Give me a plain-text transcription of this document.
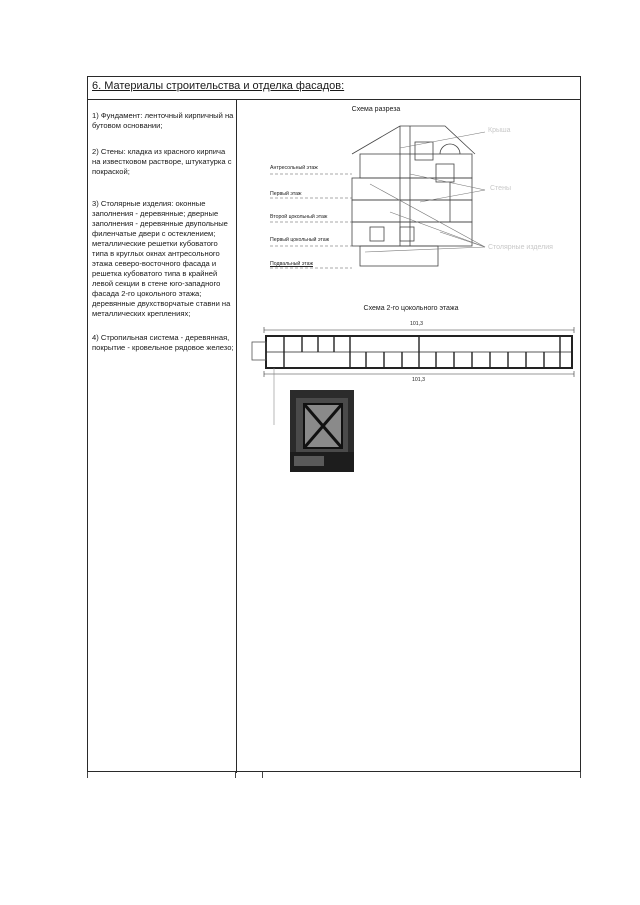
6. Материалы строительства и отделка фасадов:

1) Фундамент: ленточный кирпичный на бутовом основании;

2) Стены: кладка из красного кирпича на известковом растворе, штукатурка с покраской;

3) Столярные изделия: оконные заполнения - деревянные; дверные заполнения - деревянные двупольные филенчатые двери с остеклением; металлические решетки кубоватого типа в круглых окнах антресольного этажа северо-восточного фасада и решетка кубоватого типа в крайней левой секции в стене юго-западного фасада 2-го цокольного этажа; деревянные двухстворчатые ставни на металлических креплениях;

4) Стропильная система - деревянная, покрытие - кровельное рядовое железо;

Схема разреза
Антресольный этаж
Первый этаж
Второй цокольный этаж
Первый цокольный этаж
Подвальный этаж
Крыша
Стены
Столярные изделия
Схема 2-го цокольного этажа
101,3
101,3
